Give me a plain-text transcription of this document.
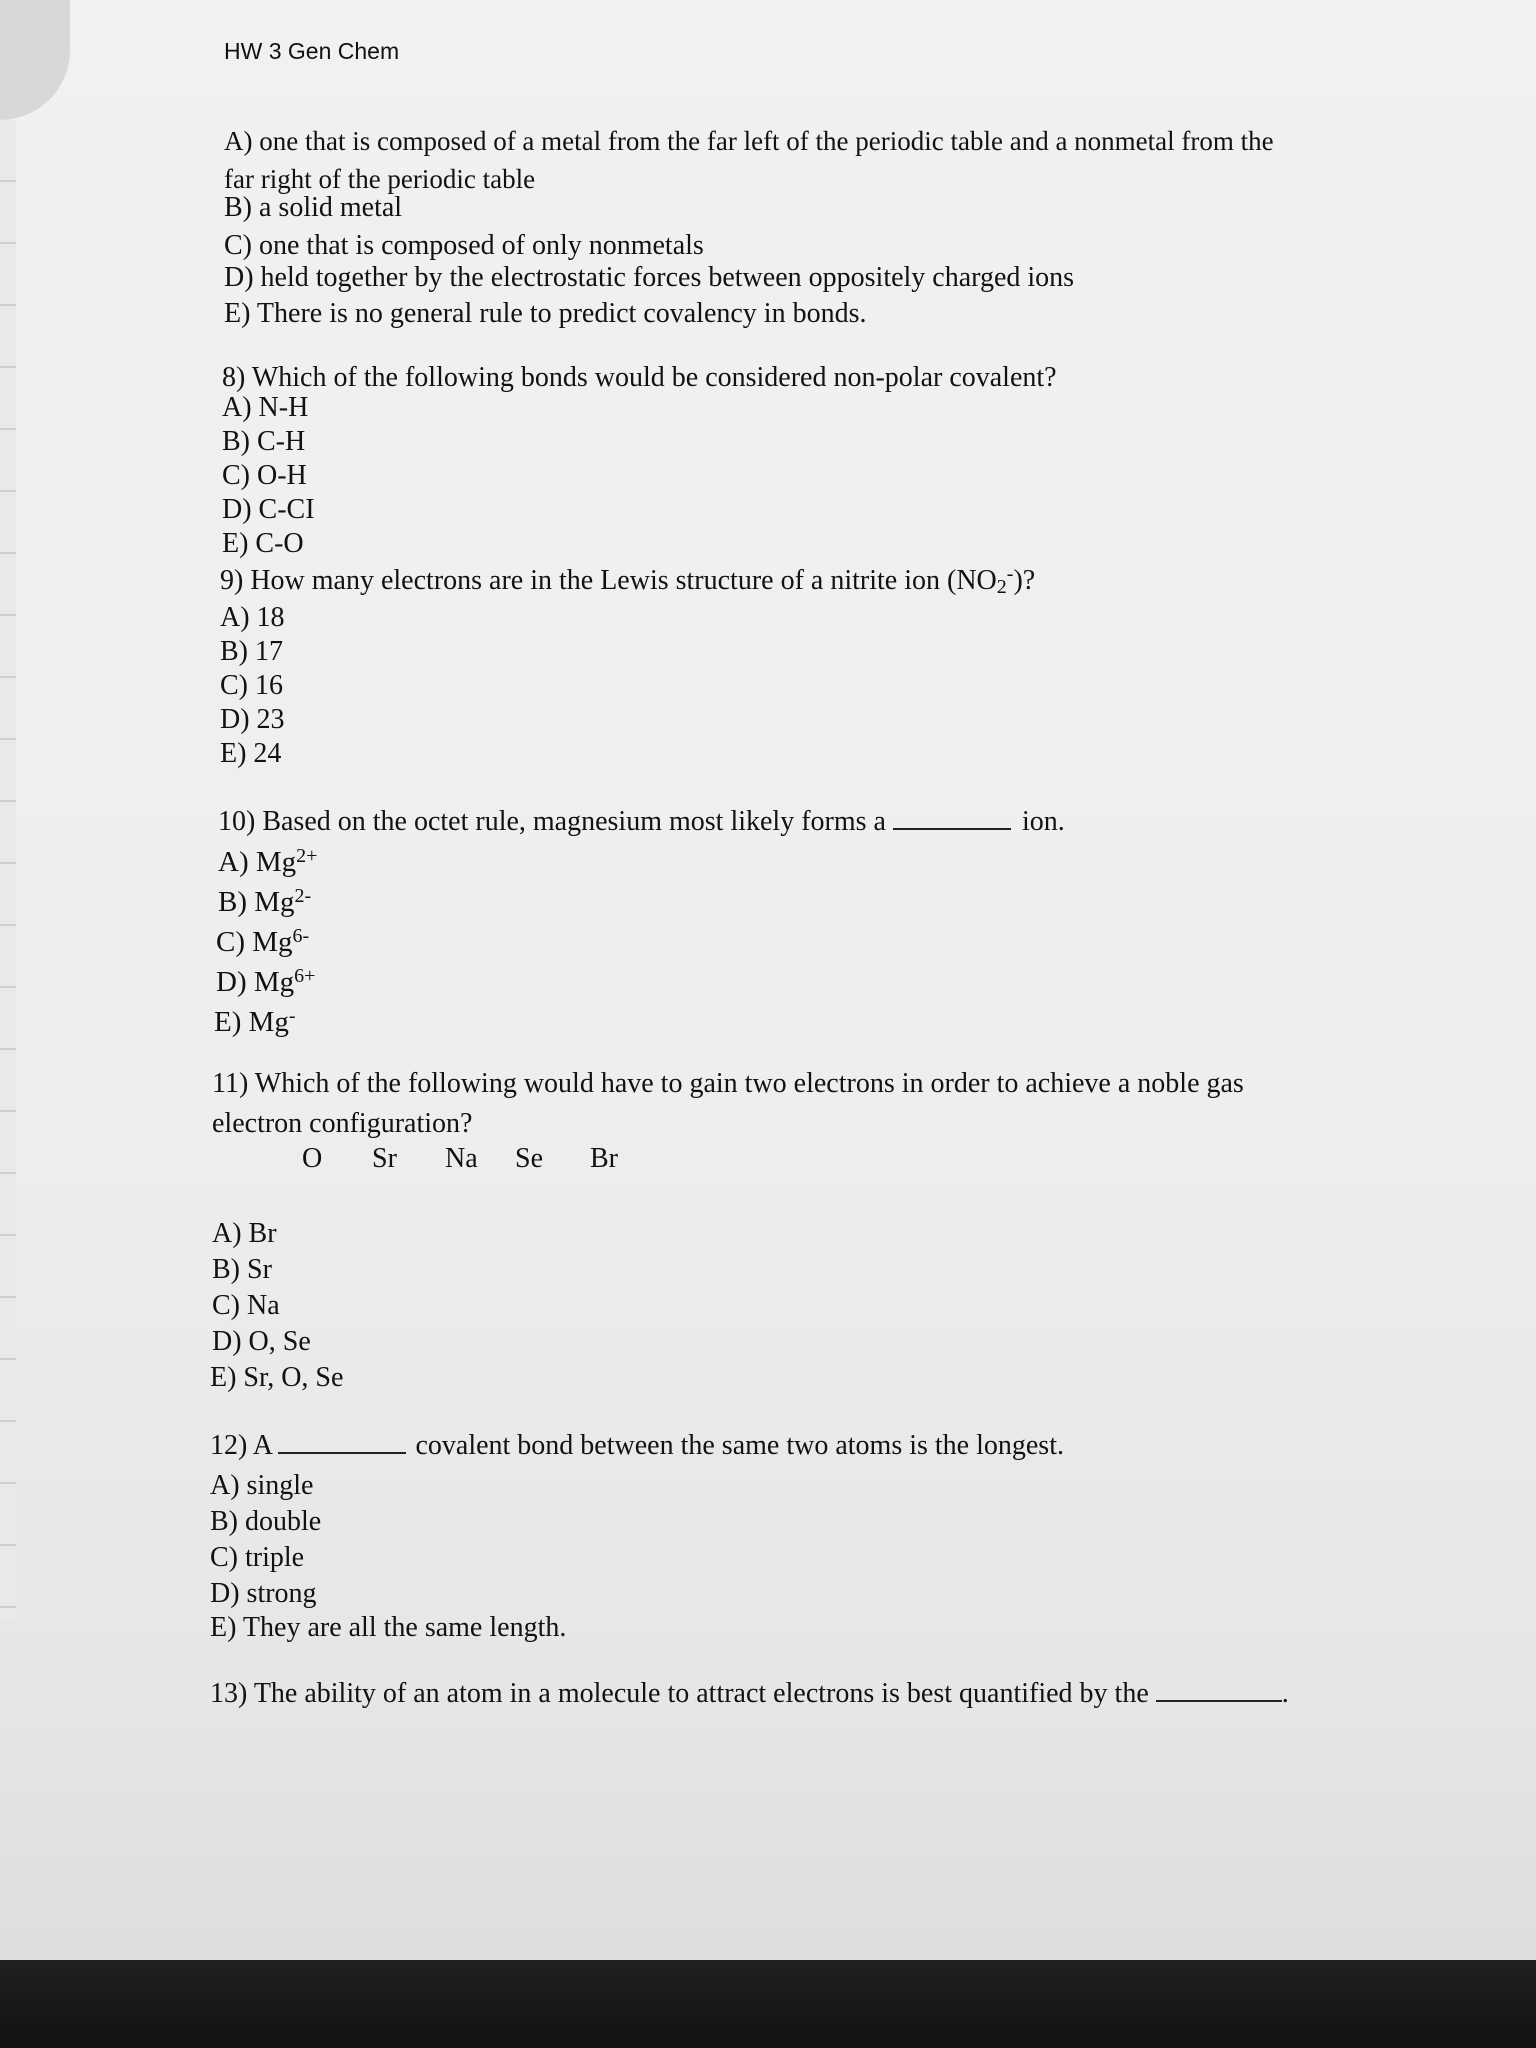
HW 3 Gen Chem
A) one that is composed of a metal from the far left of the periodic table and a nonmetal from the
far right of the periodic table
B) a solid metal
C) one that is composed of only nonmetals
D) held together by the electrostatic forces between oppositely charged ions
E) There is no general rule to predict covalency in bonds.
8) Which of the following bonds would be considered non-polar covalent?
A) N-H
B) C-H
C) O-H
D) C-CI
E) C-O
9) How many electrons are in the Lewis structure of a nitrite ion $(NO_2^-)$?
A) 18
B) 17
C) 16
D) 23
E) 24
10) Based on the octet rule, magnesium most likely forms a	ion.
A) $Mg^{2+}$
B) $Mg^{2-}$
C) $Mg^{6-}$
D) $Mg^{6+}$
E) Mg-
11) Which of the following would have to gain two electrons in order to achieve a noble gas
electron configuration?
O Sr Na Se Br
A) Br
B) Sr
C) Na
D) O, Se
E) Sr, O, Se
12) A	covalent bond between the same two atoms is the longest.
A) single
B) double
C) triple
D) strong
E) They are all the same length.
13) The ability of an atom in a molecule to attract electrons is best quantified by the	.
